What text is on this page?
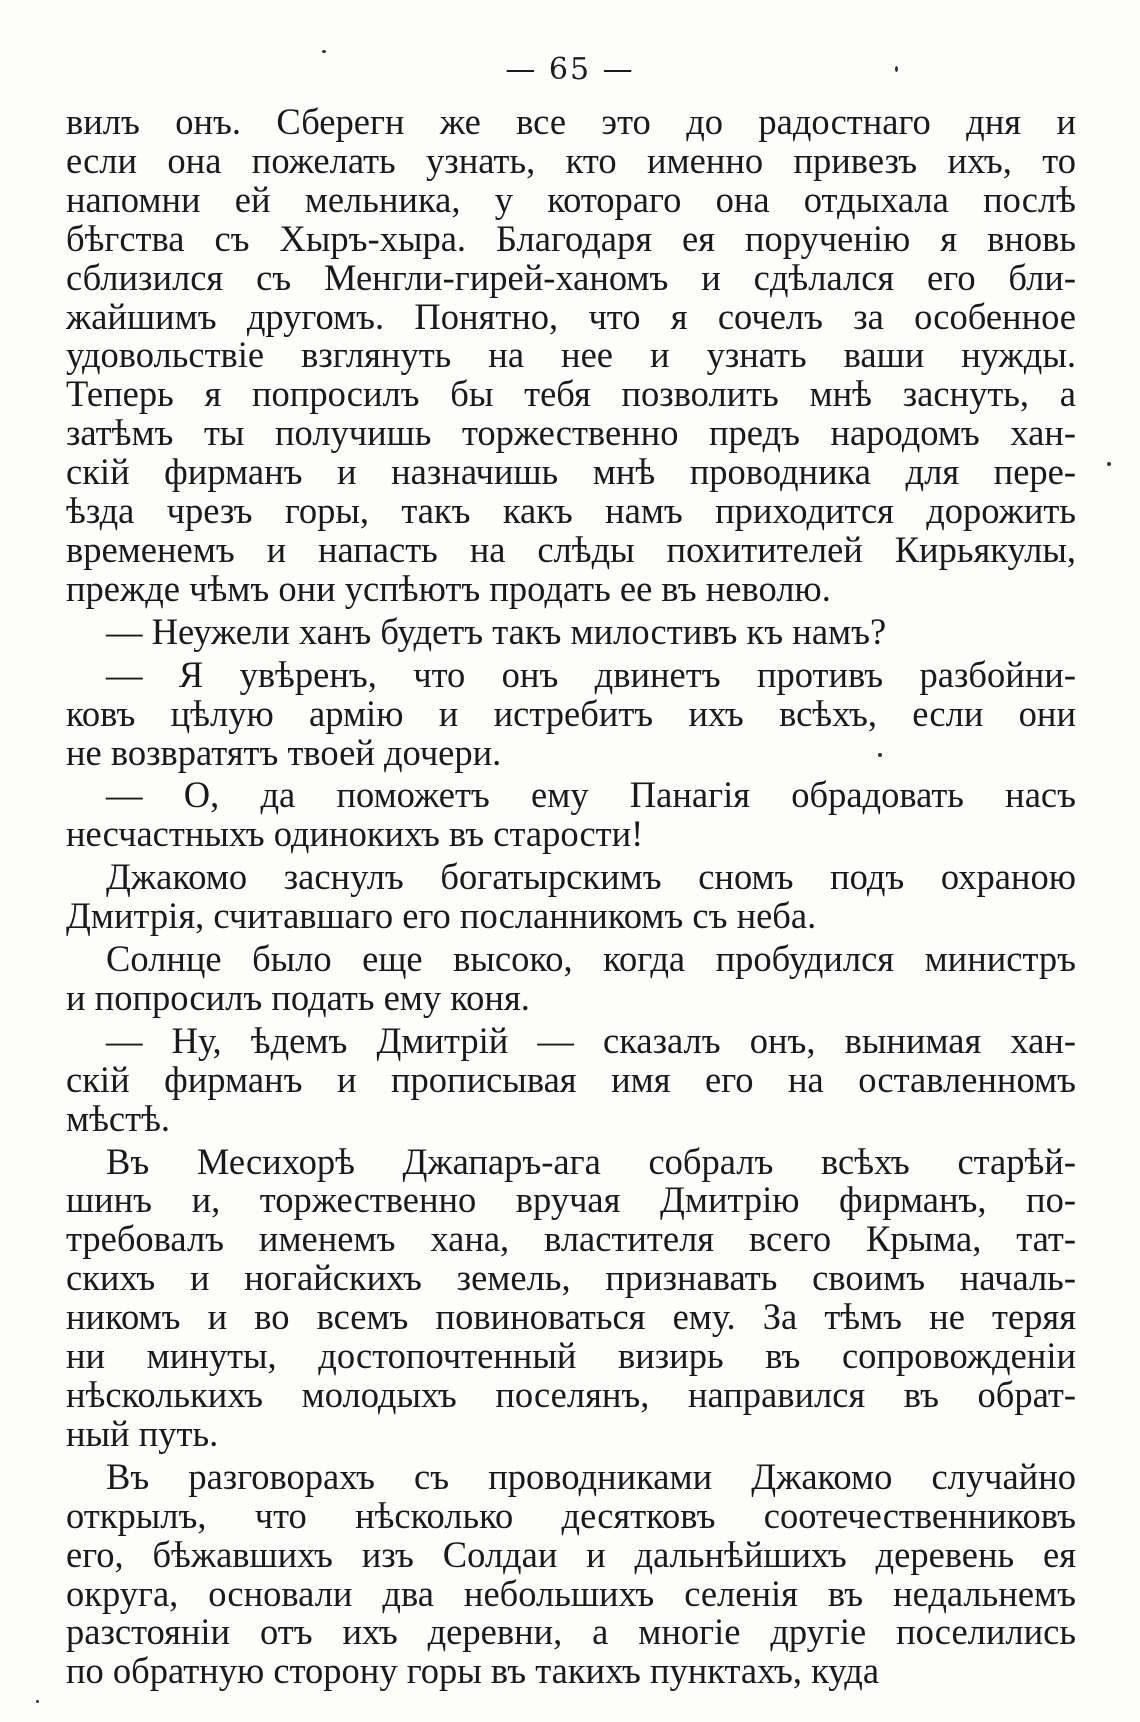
— 65 —

вилъ онъ. Сберегн же все это до радостнаго дня и
если она пожелать узнать, кто именно привезъ ихъ, то
напомни ей мельника, у котораго она отдыхала послѣ
бѣгства съ Хыръ-хыра. Благодаря ея порученію я вновь
сблизился съ Менгли-гирей-ханомъ и сдѣлался его бли-
жайшимъ другомъ. Понятно, что я сочелъ за особенное
удовольствіе взглянуть на нее и узнать ваши нужды.
Теперь я попросилъ бы тебя позволить мнѣ заснуть, а
затѣмъ ты получишь торжественно предъ народомъ хан-
скій фирманъ и назначишь мнѣ проводника для пере-
ѣзда чрезъ горы, такъ какъ намъ приходится дорожить
временемъ и напасть на слѣды похитителей Кирьякулы,
прежде чѣмъ они успѣютъ продать ее въ неволю.

— Неужели ханъ будетъ такъ милостивъ къ намъ?

— Я увѣренъ, что онъ двинетъ противъ разбойни-
ковъ цѣлую армію и истребитъ ихъ всѣхъ, если они
не возвратятъ твоей дочери.

— О, да поможетъ ему Панагія обрадовать насъ
несчастныхъ одинокихъ въ старости!

Джакомо заснулъ богатырскимъ сномъ подъ охраною
Дмитрія, считавшаго его посланникомъ съ неба.

Солнце было еще высоко, когда пробудился министръ
и попросилъ подать ему коня.

— Ну, ѣдемъ Дмитрій — сказалъ онъ, вынимая хан-
скій фирманъ и прописывая имя его на оставленномъ
мѣстѣ.

Въ Месихорѣ Джапаръ-ага собралъ всѣхъ старѣй-
шинъ и, торжественно вручая Дмитрію фирманъ, по-
требовалъ именемъ хана, властителя всего Крыма, тат-
скихъ и ногайскихъ земель, признавать своимъ началь-
никомъ и во всемъ повиноваться ему. За тѣмъ не теряя
ни минуты, достопочтенный визирь въ сопровожденіи
нѣсколькихъ молодыхъ поселянъ, направился въ обрат-
ный путь.

Въ разговорахъ съ проводниками Джакомо случайно
открылъ, что нѣсколько десятковъ соотечественниковъ
его, бѣжавшихъ изъ Солдаи и дальнѣйшихъ деревень ея
округа, основали два небольшихъ селенія въ недальнемъ
разстояніи отъ ихъ деревни, а многіе другіе поселились
по обратную сторону горы въ такихъ пунктахъ, куда
